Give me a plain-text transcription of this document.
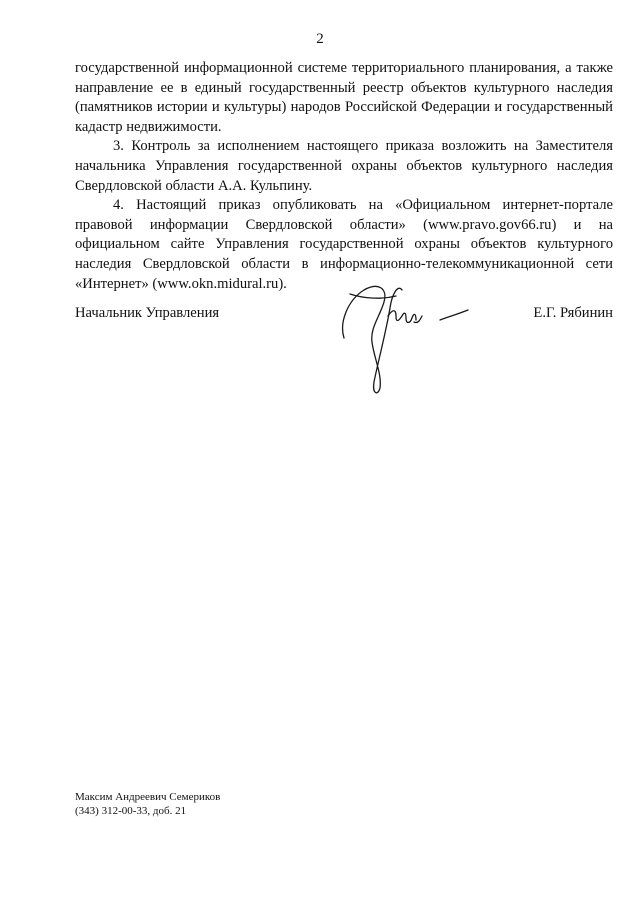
2

государственной информационной системе территориального планирования, а также направление ее в единый государственный реестр объектов культурного наследия (памятников истории и культуры) народов Российской Федерации и государственный кадастр недвижимости.

3. Контроль за исполнением настоящего приказа возложить на Заместителя начальника Управления государственной охраны объектов культурного наследия Свердловской области А.А. Кульпину.

4. Настоящий приказ опубликовать на «Официальном интернет-портале правовой информации Свердловской области» (www.pravo.gov66.ru) и на официальном сайте Управления государственной охраны объектов культурного наследия Свердловской области в информационно-телекоммуникационной сети «Интернет» (www.okn.midural.ru).

Начальник Управления	Е.Г. Рябинин
Максим Андреевич Семериков
(343) 312-00-33, доб. 21
